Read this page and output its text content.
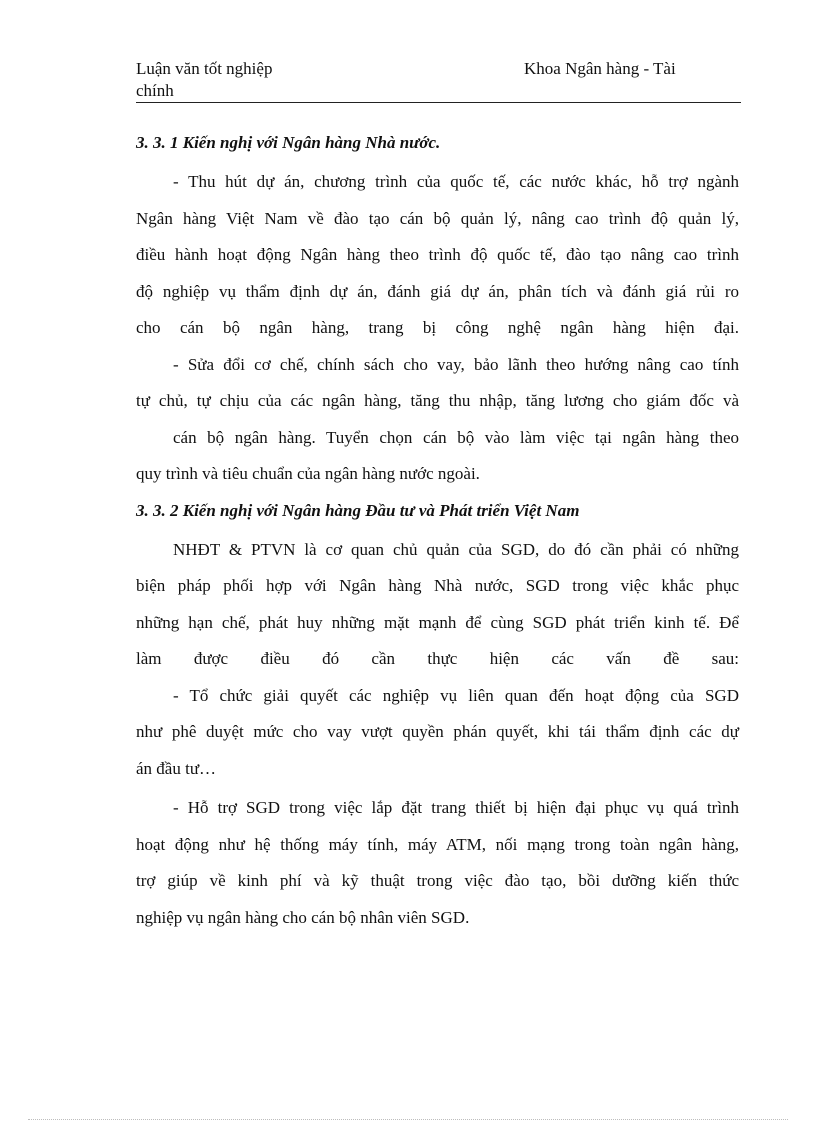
Luận văn tốt nghiệp	Khoa Ngân hàng - Tài
chính
3. 3. 1 Kiến nghị với Ngân hàng Nhà nước.
- Thu hút dự án, chương trình của quốc tế, các nước khác, hỗ trợ ngành
Ngân hàng Việt Nam về đào tạo cán bộ quản lý, nâng cao trình độ quản lý,
điều hành hoạt động Ngân hàng theo trình độ quốc tế, đào tạo nâng cao trình
độ nghiệp vụ thẩm định dự án, đánh giá dự án, phân tích và đánh giá rủi ro
cho cán bộ ngân hàng, trang bị công nghệ ngân hàng hiện đại.
- Sửa đổi cơ chế, chính sách cho vay, bảo lãnh theo hướng nâng cao tính
tự chủ, tự chịu của các ngân hàng, tăng thu nhập, tăng lương cho giám đốc và
cán bộ ngân hàng. Tuyển chọn cán bộ vào làm việc tại ngân hàng theo
quy trình và tiêu chuẩn của ngân hàng nước ngoài.
3. 3. 2 Kiến nghị với Ngân hàng Đầu tư và Phát triển Việt Nam
NHĐT & PTVN là cơ quan chủ quản của SGD, do đó cần phải có những
biện pháp phối hợp với Ngân hàng Nhà nước, SGD trong việc khắc phục
những hạn chế, phát huy những mặt mạnh để cùng SGD phát triển kinh tế. Để
làm được điều đó cần thực hiện các vấn đề sau:
- Tổ chức giải quyết các nghiệp vụ liên quan đến hoạt động của SGD
như phê duyệt mức cho vay vượt quyền phán quyết, khi tái thẩm định các dự
án đầu tư…
- Hỗ trợ SGD trong việc lắp đặt trang thiết bị hiện đại phục vụ quá trình
hoạt động như hệ thống máy tính, máy ATM, nối mạng trong toàn ngân hàng,
trợ giúp về kinh phí và kỹ thuật trong việc đào tạo, bồi dưỡng kiến thức
nghiệp vụ ngân hàng cho cán bộ nhân viên SGD.
